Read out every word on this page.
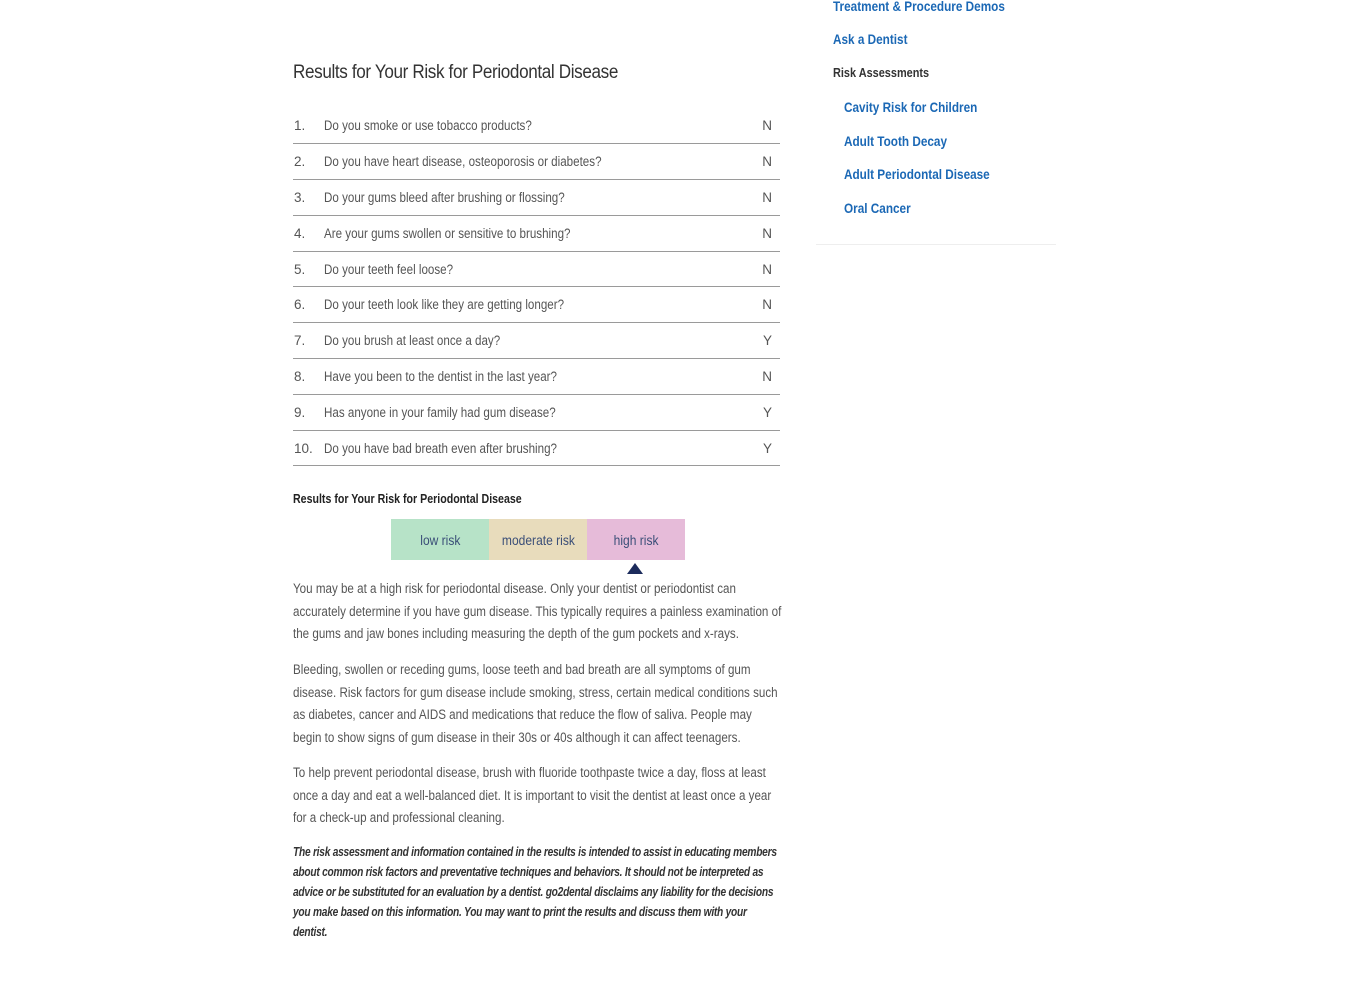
Results for Your Risk for Periodontal Disease
1.	Do you smoke or use tobacco products?	N
2.	Do you have heart disease, osteoporosis or diabetes?	N
3.	Do your gums bleed after brushing or flossing?	N
4.	Are your gums swollen or sensitive to brushing?	N
5.	Do your teeth feel loose?	N
6.	Do your teeth look like they are getting longer?	N
7.	Do you brush at least once a day?	Y
8.	Have you been to the dentist in the last year?	N
9.	Has anyone in your family had gum disease?	Y
10.	Do you have bad breath even after brushing?	Y
Results for Your Risk for Periodontal Disease
low risk	moderate risk	high risk

You may be at a high risk for periodontal disease. Only your dentist or periodontist can accurately determine if you have gum disease. This typically requires a painless examination of the gums and jaw bones including measuring the depth of the gum pockets and x-rays.

Bleeding, swollen or receding gums, loose teeth and bad breath are all symptoms of gum disease. Risk factors for gum disease include smoking, stress, certain medical conditions such as diabetes, cancer and AIDS and medications that reduce the flow of saliva. People may begin to show signs of gum disease in their 30s or 40s although it can affect teenagers.

To help prevent periodontal disease, brush with fluoride toothpaste twice a day, floss at least once a day and eat a well-balanced diet. It is important to visit the dentist at least once a year for a check-up and professional cleaning.

The risk assessment and information contained in the results is intended to assist in educating members about common risk factors and preventative techniques and behaviors. It should not be interpreted as advice or be substituted for an evaluation by a dentist. go2dental disclaims any liability for the decisions you make based on this information. You may want to print the results and discuss them with your dentist.

Treatment & Procedure Demos
Ask a Dentist
Risk Assessments
Cavity Risk for Children
Adult Tooth Decay
Adult Periodontal Disease
Oral Cancer
